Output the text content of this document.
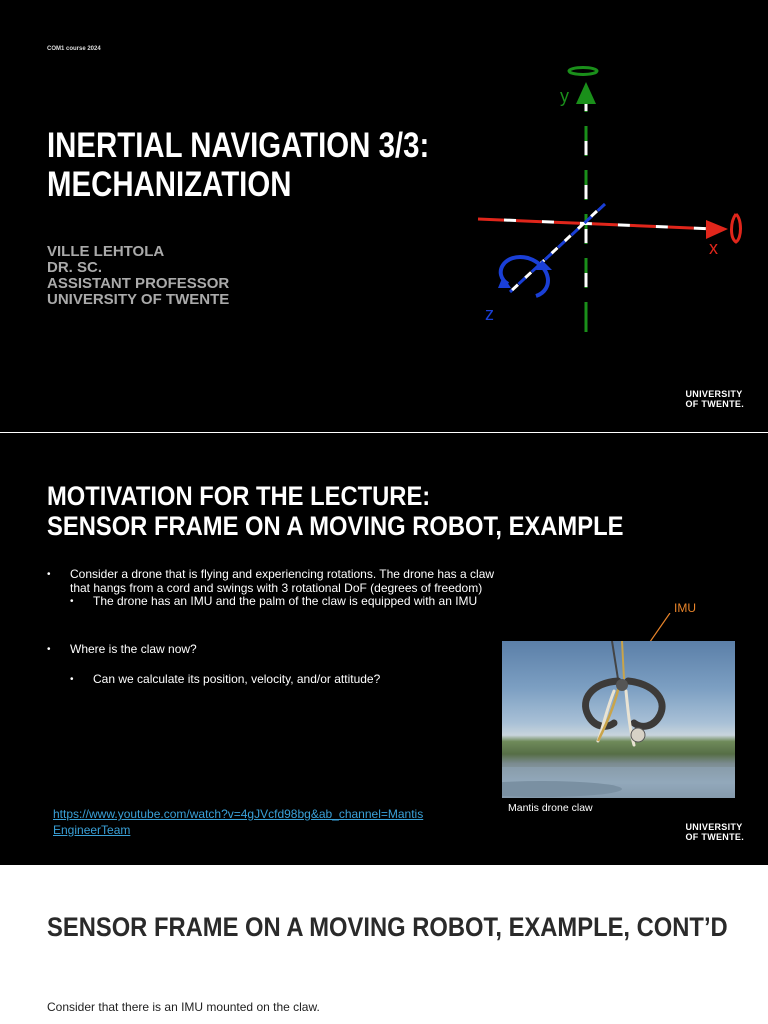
COM1 course 2024
INERTIAL NAVIGATION 3/3:
MECHANIZATION
VILLE LEHTOLA
DR. SC.
ASSISTANT PROFESSOR
UNIVERSITY OF TWENTE
y
x
z
UNIVERSITY
OF TWENTE.
MOTIVATION FOR THE LECTURE:
SENSOR FRAME ON A MOVING ROBOT, EXAMPLE
• Consider a drone that is flying and experiencing rotations. The drone has a claw that hangs from a cord and swings with 3 rotational DoF (degrees of freedom)
• The drone has an IMU and the palm of the claw is equipped with an IMU
• Where is the claw now?
• Can we calculate its position, velocity, and/or attitude?
IMU
Mantis drone claw
https://www.youtube.com/watch?v=4gJVcfd98bg&ab_channel=Mantis
EngineerTeam	UNIVERSITY
OF TWENTE.
SENSOR FRAME ON A MOVING ROBOT, EXAMPLE, CONT’D
Consider that there is an IMU mounted on the claw.
